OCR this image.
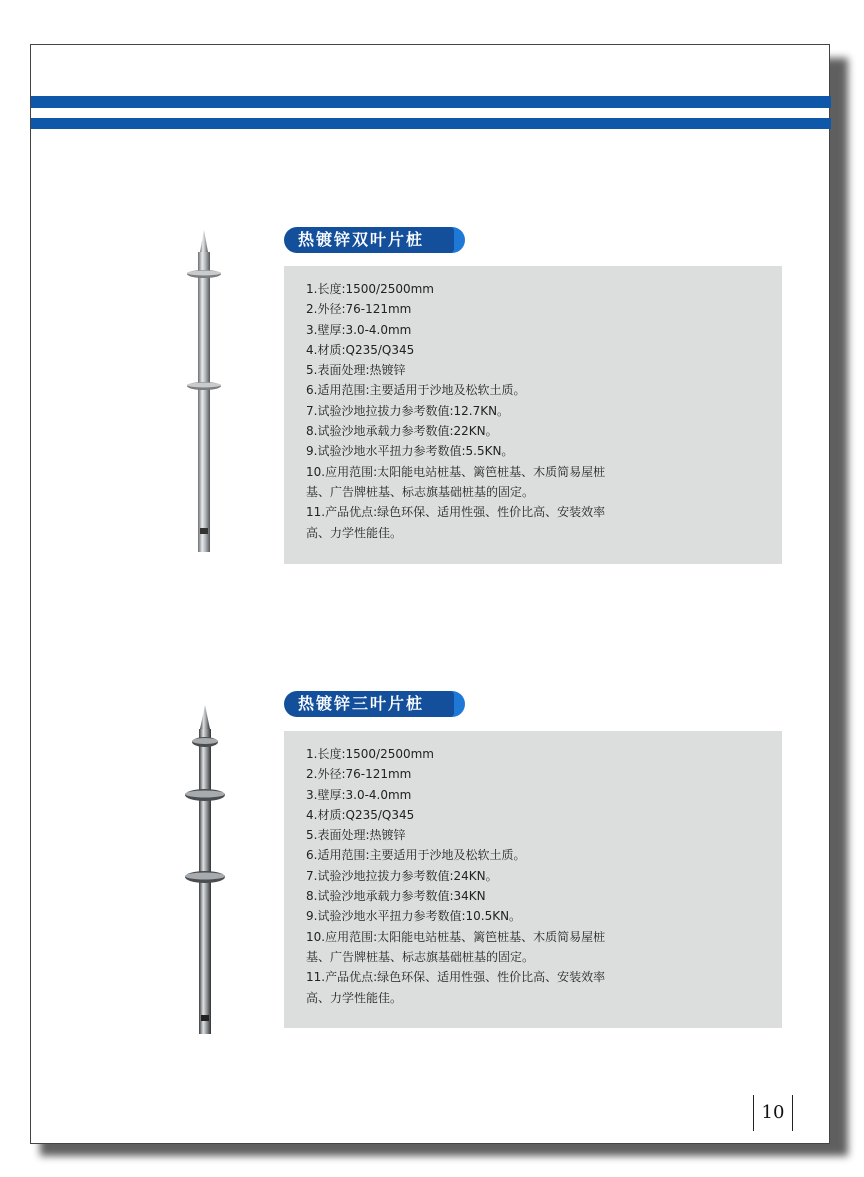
热镀锌双叶片桩
1.长度:1500/2500mm
2.外径:76-121mm
3.壁厚:3.0-4.0mm
4.材质:Q235/Q345
5.表面处理:热镀锌
6.适用范围:主要适用于沙地及松软土质。
7.试验沙地拉拔力参考数值:12.7KN。
8.试验沙地承载力参考数值:22KN。
9.试验沙地水平扭力参考数值:5.5KN。
10.应用范围:太阳能电站桩基、篱笆桩基、木质简易屋桩
基、广告牌桩基、标志旗基础桩基的固定。
11.产品优点:绿色环保、适用性强、性价比高、安装效率
高、力学性能佳。
热镀锌三叶片桩
1.长度:1500/2500mm
2.外径:76-121mm
3.壁厚:3.0-4.0mm
4.材质:Q235/Q345
5.表面处理:热镀锌
6.适用范围:主要适用于沙地及松软土质。
7.试验沙地拉拔力参考数值:24KN。
8.试验沙地承载力参考数值:34KN
9.试验沙地水平扭力参考数值:10.5KN。
10.应用范围:太阳能电站桩基、篱笆桩基、木质简易屋桩
基、广告牌桩基、标志旗基础桩基的固定。
11.产品优点:绿色环保、适用性强、性价比高、安装效率
高、力学性能佳。
10
